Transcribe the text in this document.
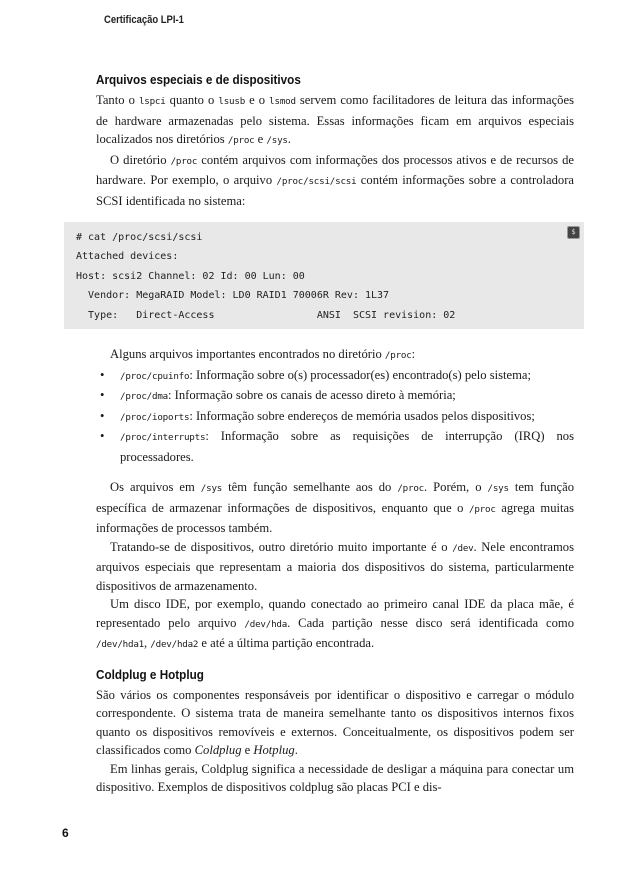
Certificação LPI-1
Arquivos especiais e de dispositivos

Tanto o lspci quanto o lsusb e o lsmod servem como facilitadores de leitura das informações de hardware armazenadas pelo sistema. Essas informações ficam em arquivos especiais localizados nos diretórios /proc e /sys.

O diretório /proc contém arquivos com informações dos processos ativos e de recursos de hardware. Por exemplo, o arquivo /proc/scsi/scsi contém informações sobre a controladora SCSI identificada no sistema:

$
# cat /proc/scsi/scsi
Attached devices:
Host: scsi2 Channel: 02 Id: 00 Lun: 00
Vendor: MegaRAID Model: LD0 RAID1 70006R Rev: 1L37
Type:   Direct-Access                 ANSI  SCSI revision: 02

Alguns arquivos importantes encontrados no diretório /proc:

• /proc/cpuinfo: Informação sobre o(s) processador(es) encontrado(s) pelo sistema;
• /proc/dma: Informação sobre os canais de acesso direto à memória;
• /proc/ioports: Informação sobre endereços de memória usados pelos dispositivos;
• /proc/interrupts: Informação sobre as requisições de interrupção (IRQ) nos processadores.

Os arquivos em /sys têm função semelhante aos do /proc. Porém, o /sys tem função específica de armazenar informações de dispositivos, enquanto que o /proc agrega muitas informações de processos também.

Tratando-se de dispositivos, outro diretório muito importante é o /dev. Nele encontramos arquivos especiais que representam a maioria dos dispositivos do sistema, particularmente dispositivos de armazenamento.

Um disco IDE, por exemplo, quando conectado ao primeiro canal IDE da placa mãe, é representado pelo arquivo /dev/hda. Cada partição nesse disco será identificada como /dev/hda1, /dev/hda2 e até a última partição encontrada.

Coldplug e Hotplug

São vários os componentes responsáveis por identificar o dispositivo e carregar o módulo correspondente. O sistema trata de maneira semelhante tanto os dispositivos internos fixos quanto os dispositivos removíveis e externos. Conceitualmente, os dispositivos podem ser classificados como Coldplug e Hotplug.

Em linhas gerais, Coldplug significa a necessidade de desligar a máquina para conectar um dispositivo. Exemplos de dispositivos coldplug são placas PCI e dis-

6
